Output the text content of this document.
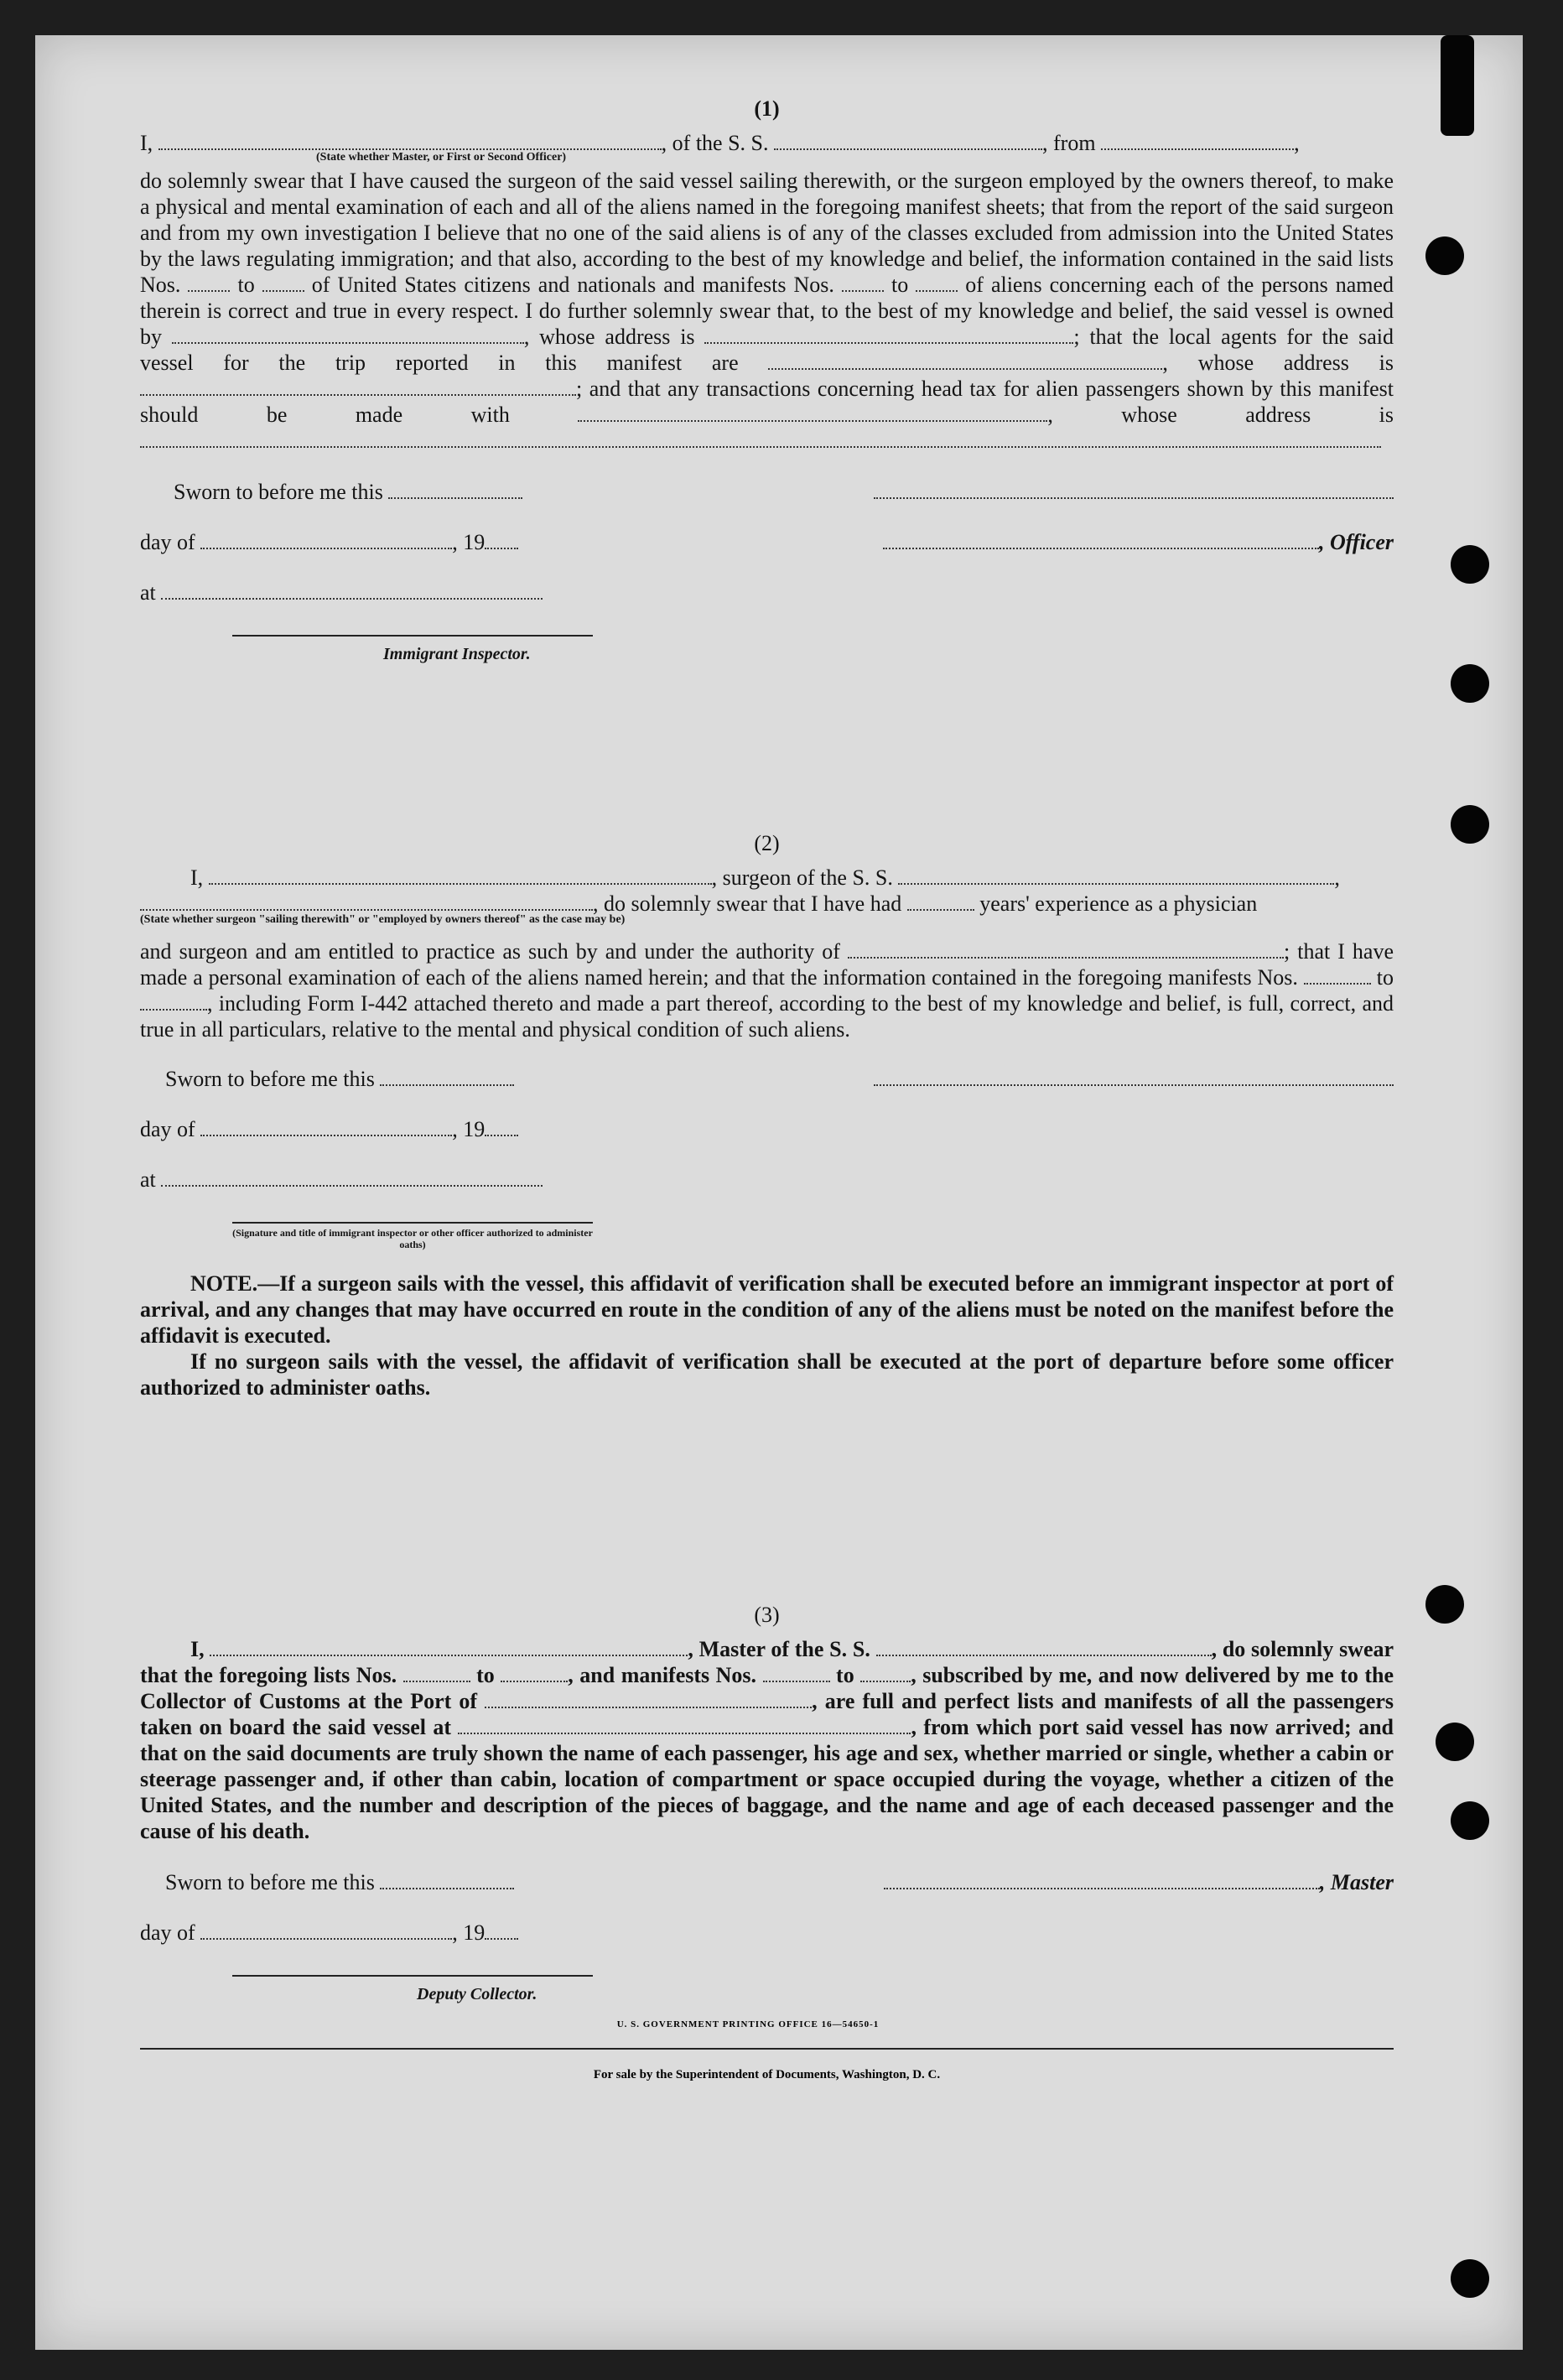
(1)

I,	, of the S. S.	, from	,

(State whether Master, or First or Second Officer)

do solemnly swear that I have caused the surgeon of the said vessel sailing therewith, or the surgeon employed by the owners thereof, to make a physical and mental examination of each and all of the aliens named in the foregoing manifest sheets; that from the report of the said surgeon and from my own investigation I believe that no one of the said aliens is of any of the classes excluded from admission into the United States by the laws regulating immigration; and that also, according to the best of my knowledge and belief, the information contained in the said lists Nos.	to	of United States citizens and nationals and manifests Nos.	to	of aliens concerning each of the persons named therein is correct and true in every respect. I do further solemnly swear that, to the best of my knowledge and belief, the said vessel is owned by	, whose address is	; that the local agents for the said vessel for the trip reported in this manifest are	, whose address is ; and that any transactions concerning head tax for alien passengers shown by this manifest should be made with	, whose address is

Sworn to before me this
day of	, 19	, Officer
at
Immigrant Inspector.

(2)

I,	, surgeon of the S. S.	,

, do solemnly swear that I have had	years' experience as a physician

(State whether surgeon "sailing therewith" or "employed by owners thereof" as the case may be)

and surgeon and am entitled to practice as such by and under the authority of	; that I have made a personal examination of each of the aliens named herein; and that the information contained in the foregoing manifests Nos.	to , including Form I-442 attached thereto and made a part thereof, according to the best of my knowledge and belief, is full, correct, and true in all particulars, relative to the mental and physical condition of such aliens.

Sworn to before me this
day of	, 19
at
(Signature and title of immigrant inspector or other officer authorized to administer oaths)

NOTE.—If a surgeon sails with the vessel, this affidavit of verification shall be executed before an immigrant inspector at port of arrival, and any changes that may have occurred en route in the condition of any of the aliens must be noted on the manifest before the affidavit is executed.

If no surgeon sails with the vessel, the affidavit of verification shall be executed at the port of departure before some officer authorized to administer oaths.

(3)

I,	, Master of the S. S.	, do solemnly swear that the foregoing lists Nos.	to	, and manifests Nos.	to	, subscribed by me, and now delivered by me to the Collector of Customs at the Port of	, are full and perfect lists and manifests of all the passengers taken on board the said vessel at	, from which port said vessel has now arrived; and that on the said documents are truly shown the name of each passenger, his age and sex, whether married or single, whether a cabin or steerage passenger and, if other than cabin, location of compartment or space occupied during the voyage, whether a citizen of the United States, and the number and description of the pieces of baggage, and the name and age of each deceased passenger and the cause of his death.

Sworn to before me this	, Master
day of	, 19
Deputy Collector.
U. S. GOVERNMENT PRINTING OFFICE 16—54650-1
For sale by the Superintendent of Documents, Washington, D. C.
